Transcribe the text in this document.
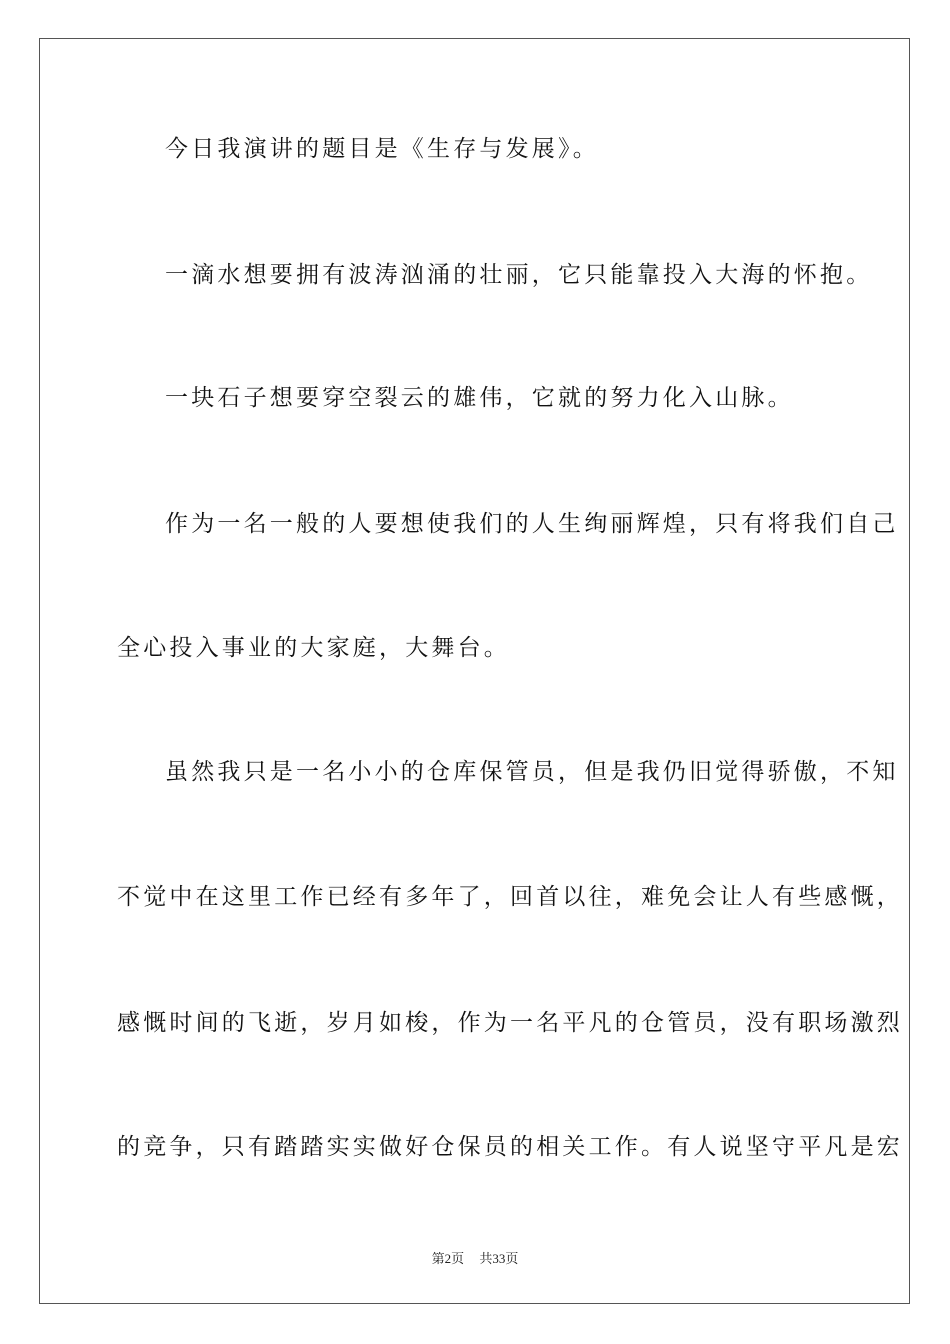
今日我演讲的题目是《生存与发展》。
一滴水想要拥有波涛汹涌的壮丽，它只能靠投入大海的怀抱。
一块石子想要穿空裂云的雄伟，它就的努力化入山脉。
作为一名一般的人要想使我们的人生绚丽辉煌，只有将我们自己
全心投入事业的大家庭，大舞台。
虽然我只是一名小小的仓库保管员，但是我仍旧觉得骄傲，不知
不觉中在这里工作已经有多年了，回首以往，难免会让人有些感慨，
感慨时间的飞逝，岁月如梭，作为一名平凡的仓管员，没有职场激烈
的竞争，只有踏踏实实做好仓保员的相关工作。有人说坚守平凡是宏
第2页 共33页
